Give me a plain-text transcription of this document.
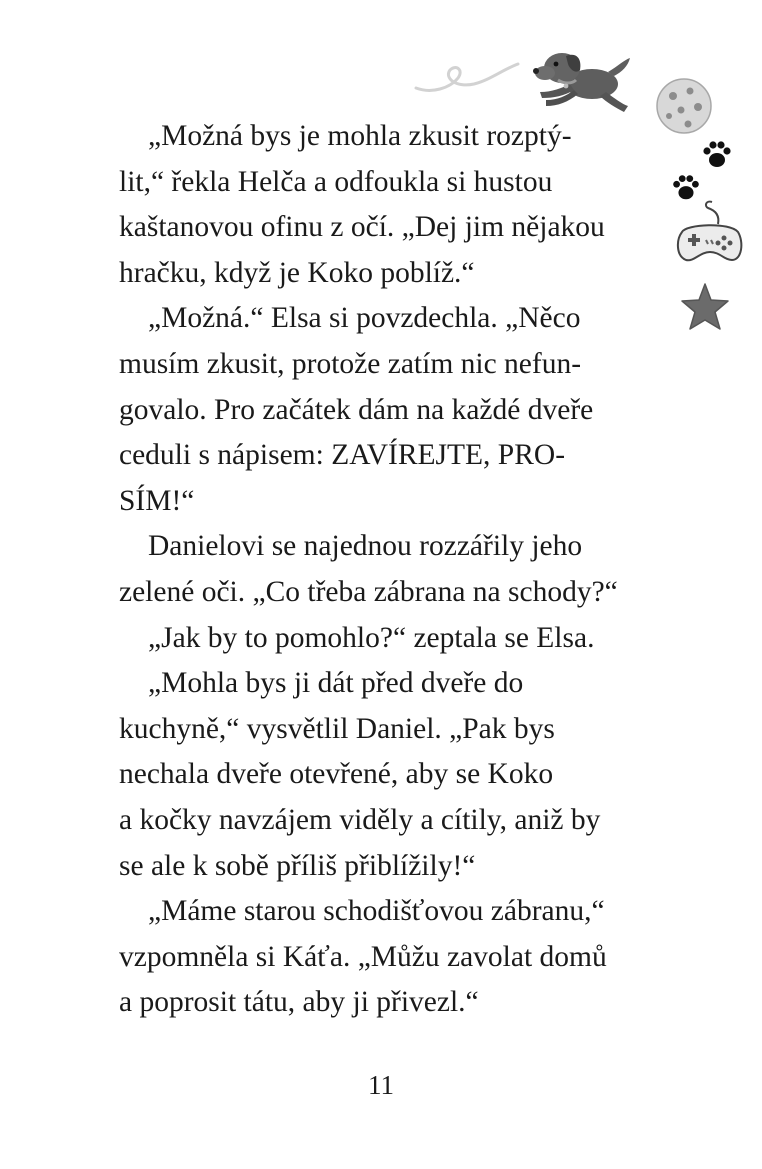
„Možná bys je mohla zkusit rozptý-
lit,“ řekla Helča a odfoukla si hustou
kaštanovou ofinu z očí. „Dej jim nějakou
hračku, když je Koko poblíž.“
„Možná.“ Elsa si povzdechla. „Něco
musím zkusit, protože zatím nic nefun-
govalo. Pro začátek dám na každé dveře
ceduli s nápisem: ZAVÍREJTE, PRO-
SÍM!“
Danielovi se najednou rozzářily jeho
zelené oči. „Co třeba zábrana na schody?“
„Jak by to pomohlo?“ zeptala se Elsa.
„Mohla bys ji dát před dveře do
kuchyně,“ vysvětlil Daniel. „Pak bys
nechala dveře otevřené, aby se Koko
a kočky navzájem viděly a cítily, aniž by
se ale k sobě příliš přiblížily!“
„Máme starou schodišťovou zábranu,“
vzpomněla si Káťa. „Můžu zavolat domů
a poprosit tátu, aby ji přivezl.“
11
